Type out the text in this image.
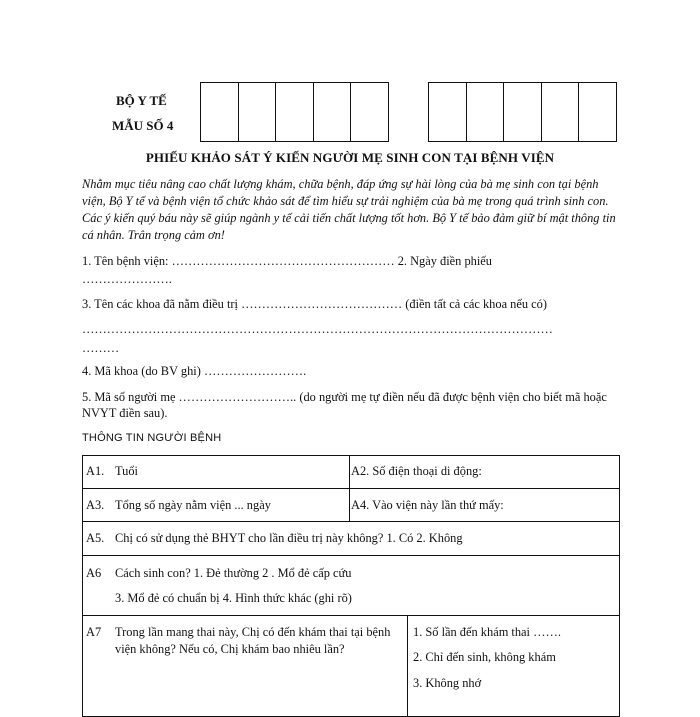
BỘ Y TẾ
MẪU SỐ 4
PHIẾU KHẢO SÁT Ý KIẾN NGƯỜI MẸ SINH CON TẠI BỆNH VIỆN
Nhằm mục tiêu nâng cao chất lượng khám, chữa bệnh, đáp ứng sự hài lòng của bà mẹ sinh con tại bệnh viện, Bộ Y tế và bệnh viện tổ chức khảo sát để tìm hiểu sự trải nghiệm của bà mẹ trong quá trình sinh con. Các ý kiến quý báu này sẽ giúp ngành y tế cải tiến chất lượng tốt hơn. Bộ Y tế bảo đảm giữ bí mật thông tin cá nhân. Trân trọng cảm ơn!
1. Tên bệnh viện: ……………………………………………… 2. Ngày điền phiếu
………………….
3. Tên các khoa đã nằm điều trị ………………………………… (điền tất cả các khoa nếu có)
……………………………………………………………………………………………………
………
4. Mã khoa (do BV ghi) …………………….
5. Mã số người mẹ ……………………….. (do người mẹ tự điền nếu đã được bệnh viện cho biết mã hoặc NVYT điền sau).
THÔNG TIN NGƯỜI BỆNH
A1. Tuổi	A2. Số điện thoại di động:
A3. Tổng số ngày nằm viện ... ngày	A4. Vào viện này lần thứ mấy:
A5. Chị có sử dụng thẻ BHYT cho lần điều trị này không? 1. Có 2. Không
A6 Cách sinh con? 1. Đẻ thường 2 . Mổ đẻ cấp cứu
3. Mổ đẻ có chuẩn bị 4. Hình thức khác (ghi rõ)
A7 Trong lần mang thai này, Chị có đến khám thai tại bệnh viện không? Nếu có, Chị khám bao nhiêu lần?
1. Số lần đến khám thai …….
2. Chỉ đến sinh, không khám
3. Không nhớ
